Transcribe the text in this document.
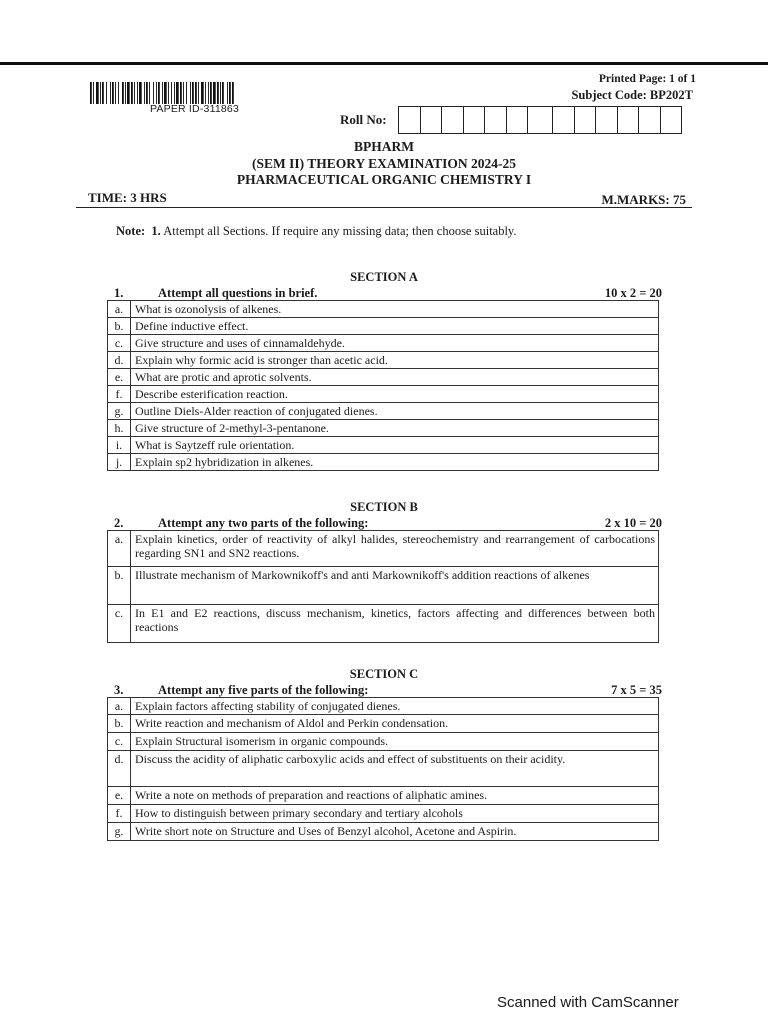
PAPER ID-311863
Printed Page: 1 of 1
Subject Code: BP202T
Roll No:
BPHARM
(SEM II) THEORY EXAMINATION 2024-25
PHARMACEUTICAL ORGANIC CHEMISTRY I
TIME: 3 HRS	M.MARKS: 75
Note: 1. Attempt all Sections. If require any missing data; then choose suitably.
SECTION A
1.	Attempt all questions in brief.	10 x 2 = 20
a.	What is ozonolysis of alkenes.
b.	Define inductive effect.
c.	Give structure and uses of cinnamaldehyde.
d.	Explain why formic acid is stronger than acetic acid.
e.	What are protic and aprotic solvents.
f.	Describe esterification reaction.
g.	Outline Diels-Alder reaction of conjugated dienes.
h.	Give structure of 2-methyl-3-pentanone.
i.	What is Saytzeff rule orientation.
j.	Explain sp2 hybridization in alkenes.
SECTION B
2.	Attempt any two parts of the following:	2 x 10 = 20
a.	Explain kinetics, order of reactivity of alkyl halides, stereochemistry and rearrangement of carbocations regarding SN1 and SN2 reactions.
b.	Illustrate mechanism of Markownikoff's and anti Markownikoff's addition reactions of alkenes
c.	In E1 and E2 reactions, discuss mechanism, kinetics, factors affecting and differences between both reactions
SECTION C
3.	Attempt any five parts of the following:	7 x 5 = 35
a.	Explain factors affecting stability of conjugated dienes.
b.	Write reaction and mechanism of Aldol and Perkin condensation.
c.	Explain Structural isomerism in organic compounds.
d.	Discuss the acidity of aliphatic carboxylic acids and effect of substituents on their acidity.
e.	Write a note on methods of preparation and reactions of aliphatic amines.
f.	How to distinguish between primary secondary and tertiary alcohols
g.	Write short note on Structure and Uses of Benzyl alcohol, Acetone and Aspirin.
Scanned with CamScanner
